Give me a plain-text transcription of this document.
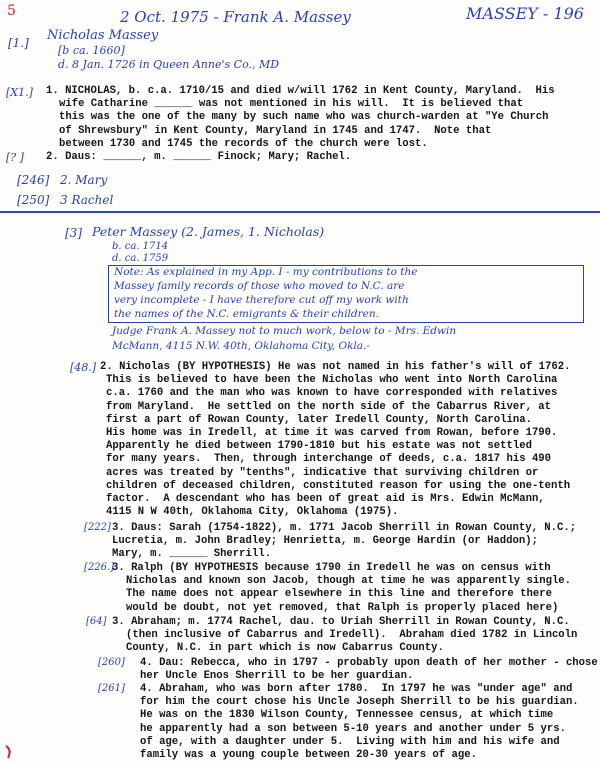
5	2 Oct. 1975 - Frank A. Massey	MASSEY - 196
[1.] Nicholas Massey
[b ca. 1660]
d. 8 Jan. 1726 in Queen Anne's Co., MD
[X1.] 1. NICHOLAS, b. c.a. 1710/15 and died w/will 1762 in Kent County, Maryland.  His
wife Catharine ______ was not mentioned in his will.  It is believed that
this was the one of the many by such name who was church-warden at "Ye Church
of Shrewsbury" in Kent County, Maryland in 1745 and 1747.  Note that
between 1730 and 1745 the records of the church were lost.
[? ] 2. Daus: ______, m. ______ Finock; Mary; Rachel.
[246] 2. Mary
[250] 3 Rachel
[3] Peter Massey (2. James, 1. Nicholas)
b. ca. 1714
d. ca. 1759
Note: As explained in my App. I - my contributions to the
Massey family records of those who moved to N.C. are
very incomplete - I have therefore cut off my work with
the names of the N.C. emigrants & their children.
Judge Frank A. Massey not to much work, below to - Mrs. Edwin
McMann, 4115 N.W. 40th, Oklahoma City, Okla.-
[48.] 2. Nicholas (BY HYPOTHESIS) He was not named in his father's will of 1762.
This is believed to have been the Nicholas who went into North Carolina
c.a. 1760 and the man who was known to have corresponded with relatives
from Maryland.  He settled on the north side of the Cabarrus River, at
first a part of Rowan County, later Iredell County, North Carolina.
His home was in Iredell, at time it was carved from Rowan, before 1790.
Apparently he died between 1790-1810 but his estate was not settled
for many years.  Then, through interchange of deeds, c.a. 1817 his 490
acres was treated by "tenths", indicative that surviving children or
children of deceased children, constituted reason for using the one-tenth
factor.  A descendant who has been of great aid is Mrs. Edwin McMann,
4115 N W 40th, Oklahoma City, Oklahoma (1975).
[222] 3. Daus: Sarah (1754-1822), m. 1771 Jacob Sherrill in Rowan County, N.C.;
Lucretia, m. John Bradley; Henrietta, m. George Hardin (or Haddon);
Mary, m. ______ Sherrill.
[226.]
3. Ralph (BY HYPOTHESIS because 1790 in Iredell he was on census with
Nicholas and known son Jacob, though at time he was apparently single.
The name does not appear elsewhere in this line and therefore there
would be doubt, not yet removed, that Ralph is properly placed here)
[64] 3. Abraham; m. 1774 Rachel, dau. to Uriah Sherrill in Rowan County, N.C.
(then inclusive of Cabarrus and Iredell).  Abraham died 1782 in Lincoln
County, N.C. in part which is now Cabarrus County.
[260] 4. Dau: Rebecca, who in 1797 - probably upon death of her mother - chose
her Uncle Enos Sherrill to be her guardian.
[261] 4. Abraham, who was born after 1780.  In 1797 he was "under age" and
for him the court chose his Uncle Joseph Sherrill to be his guardian.
He was on the 1830 Wilson County, Tennessee census, at which time
he apparently had a son between 5-10 years and another under 5 yrs.
of age, with a daughter under 5.  Living with him and his wife and
family was a young couple between 20-30 years of age.
